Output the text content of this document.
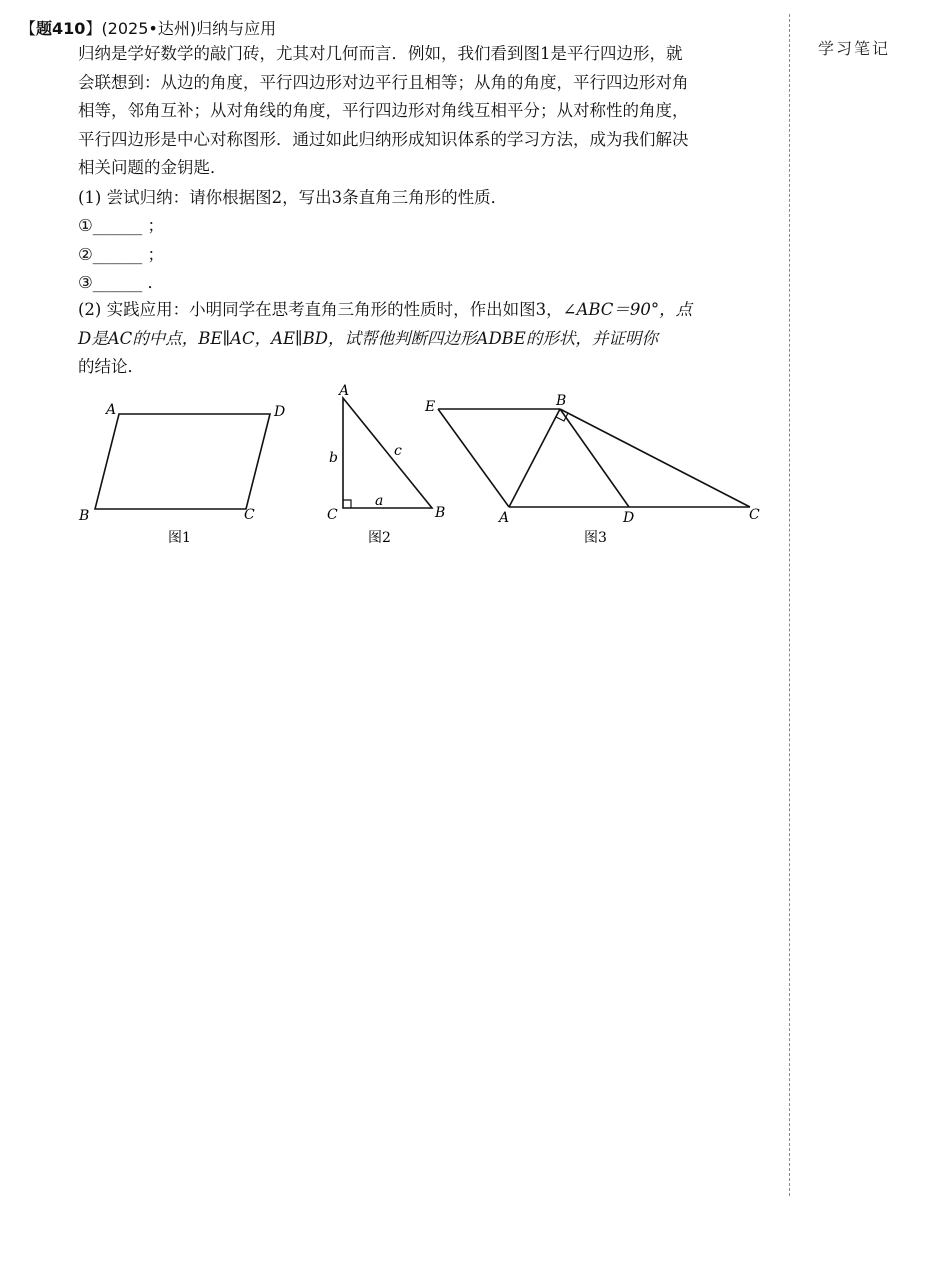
【题410】(2025•达州)归纳与应用
归纳是学好数学的敲门砖，尤其对几何而言．例如，我们看到图1是平行四边形，就
会联想到：从边的角度，平行四边形对边平行且相等；从角的角度，平行四边形对角
相等，邻角互补；从对角线的角度，平行四边形对角线互相平分；从对称性的角度，
平行四边形是中心对称图形．通过如此归纳形成知识体系的学习方法，成为我们解决
相关问题的金钥匙．
(1) 尝试归纳：请你根据图2，写出3条直角三角形的性质．
①______ ；
②______ ；
③______ ．
(2) 实践应用：小明同学在思考直角三角形的性质时，作出如图3，∠ABC＝90°，点
D是AC的中点，BE∥AC，AE∥BD，试帮他判断四边形ADBE的形状，并证明你
的结论．
A	D
B	C
图1
A
b	c
a
C	B
图2
E	B
A	D	C
图3
学习笔记
